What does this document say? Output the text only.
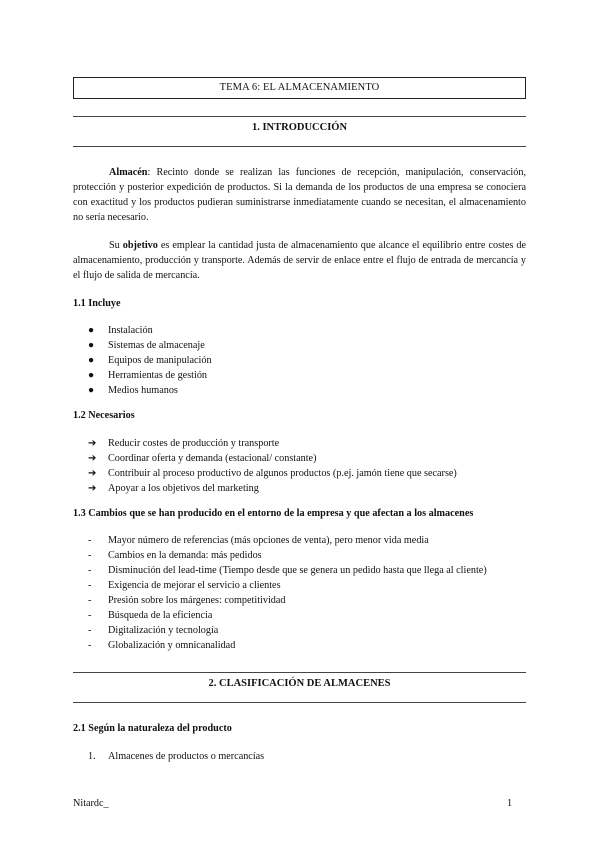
TEMA 6: EL ALMACENAMIENTO
1. INTRODUCCIÓN

Almacén: Recinto donde se realizan las funciones de recepción, manipulación, conservación, protección y posterior expedición de productos. Si la demanda de los productos de una empresa se conociera con exactitud y los productos pudieran suministrarse inmediatamente cuando se necesitan, el almacenamiento no sería necesario.

Su objetivo es emplear la cantidad justa de almacenamiento que alcance el equilibrio entre costes de almacenamiento, producción y transporte. Además de servir de enlace entre el flujo de entrada de mercancía y el flujo de salida de mercancía.

1.1 Incluye
●	Instalación
●	Sistemas de almacenaje
●	Equipos de manipulación
●	Herramientas de gestión
●	Medios humanos
1.2 Necesarios
➔	Reducir costes de producción y transporte
➔	Coordinar oferta y demanda (estacional/ constante)
➔	Contribuir al proceso productivo de algunos productos (p.ej. jamón tiene que secarse)
➔	Apoyar a los objetivos del marketing
1.3 Cambios que se han producido en el entorno de la empresa y que afectan a los almacenes
-	Mayor número de referencias (más opciones de venta), pero menor vida media
-	Cambios en la demanda: más pedidos
-	Disminución del lead-time (Tiempo desde que se genera un pedido hasta que llega al cliente)
-	Exigencia de mejorar el servicio a clientes
-	Presión sobre los márgenes: competitividad
-	Búsqueda de la eficiencia
-	Digitalización y tecnología
-	Globalización y omnicanalidad
2. CLASIFICACIÓN DE ALMACENES
2.1 Según la naturaleza del producto
1.	Almacenes de productos o mercancías
Nitardc_	1
